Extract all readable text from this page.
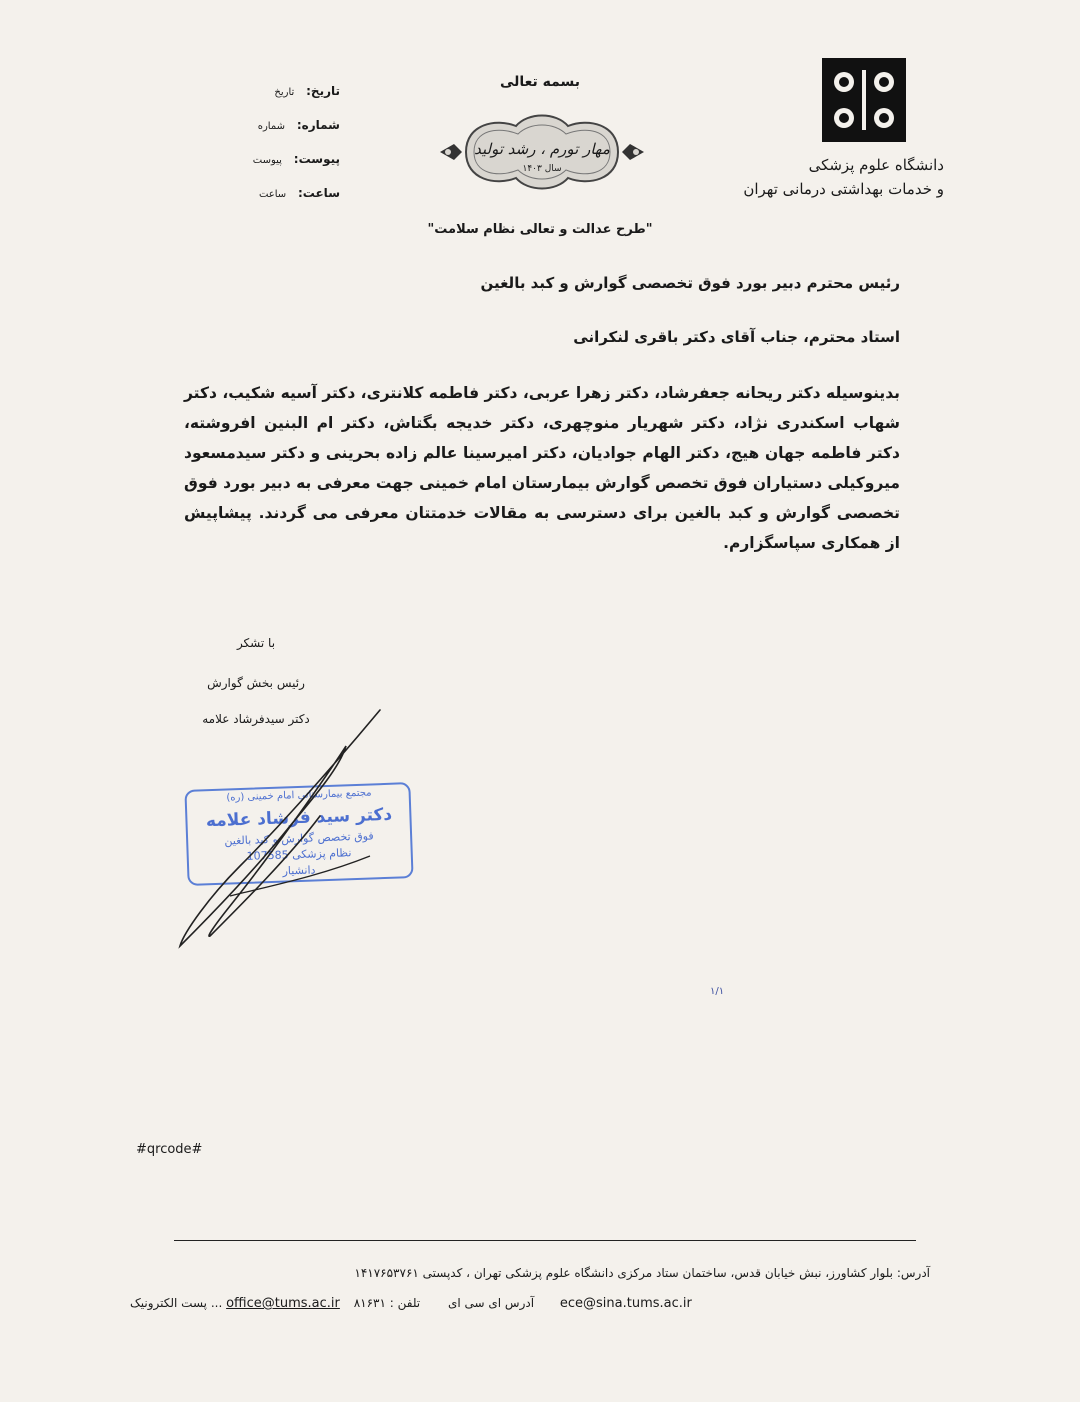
دانشگاه علوم پزشکی
و خدمات بهداشتی درمانی تهران
بسمه تعالی
مهار تورم ، رشد تولید
سال ۱۴۰۳
"طرح عدالت و تعالی نظام سلامت"
تاریخ: تاریخ
شماره: شماره
پیوست: پیوست
ساعت: ساعت
رئیس محترم دبیر بورد فوق تخصصی گوارش و کبد بالغین
استاد محترم، جناب آقای دکتر باقری لنکرانی
بدینوسیله دکتر ریحانه جعفرشاد، دکتر زهرا عربی، دکتر فاطمه کلانتری، دکتر آسیه شکیب، دکتر شهاب اسکندری نژاد، دکتر شهریار منوچهری، دکتر خدیجه بگتاش، دکتر ام البنین افروشته، دکتر فاطمه جهان هیج، دکتر الهام جوادیان، دکتر امیرسینا عالم زاده بحرینی و دکتر سیدمسعود میروکیلی دستیاران فوق تخصص گوارش بیمارستان امام خمینی جهت معرفی به دبیر بورد فوق تخصصی گوارش و کبد بالغین برای دسترسی به مقالات خدمتتان معرفی می گردند. پیشاپیش از همکاری سپاسگزارم.
با تشکر
رئیس بخش گوارش
دکتر سیدفرشاد علامه
مجتمع بیمارستانی امام خمینی (ره)
دکتر سید فرشاد علامه
فوق تخصص گوارش و کبد بالغین
نظام پزشکی 107585
دانشیار
۱/۱
#qrcode#
آدرس: بلوار کشاورز، نبش خیابان قدس، ساختمان ستاد مرکزی دانشگاه علوم پزشکی تهران ، کدپستی ۱۴۱۷۶۵۳۷۶۱
... پست الکترونیک office@tums.ac.ir تلفن : ۸۱۶۳۱ آدرس ای سی ای ece@sina.tums.ac.ir
